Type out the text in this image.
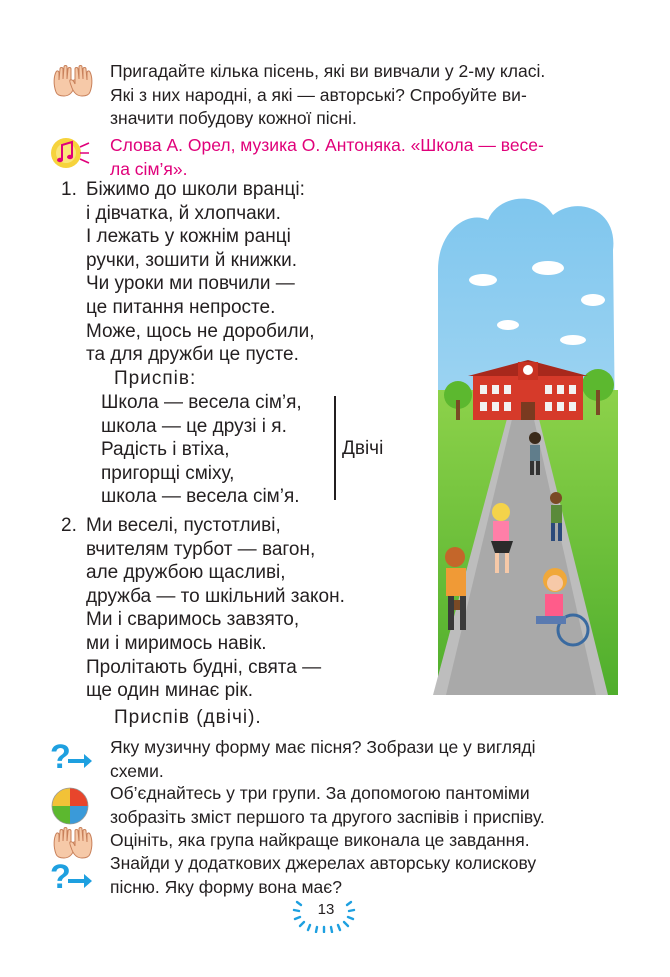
Пригадайте кілька пісень, які ви вивчали у 2-му класі.
Які з них народні, а які — авторські? Спробуйте ви-
значити побудову кожної пісні.
Слова А. Орел, музика О. Антоняка. «Школа — весе-
ла сім’я».
1. Біжимо до школи вранці:
і дівчатка, й хлопчаки.
І лежать у кожнім ранці
ручки, зошити й книжки.
Чи уроки ми повчили —
це питання непросте.
Може, щось не доробили,
та для дружби це пусте.
Приспів:
Школа — весела сім’я,
школа — це друзі і я.
Радість і втіха,
пригорщі сміху,
школа — весела сім’я.
Двічі
2. Ми веселі, пустотливі,
вчителям турбот — вагон,
але дружбою щасливі,
дружба — то шкільний закон.
Ми і сваримось завзято,
ми і миримось навік.
Пролітають будні, свята —
ще один минає рік.
Приспів (двічі).
Яку музичну форму має пісня? Зобрази це у вигляді
схеми.
Об’єднайтесь у три групи. За допомогою пантоміми
зобразіть зміст першого та другого заспівів і приспіву.
Оцініть, яка група найкраще виконала це завдання.
Знайди у додаткових джерелах авторську колискову
пісню. Яку форму вона має?
13
